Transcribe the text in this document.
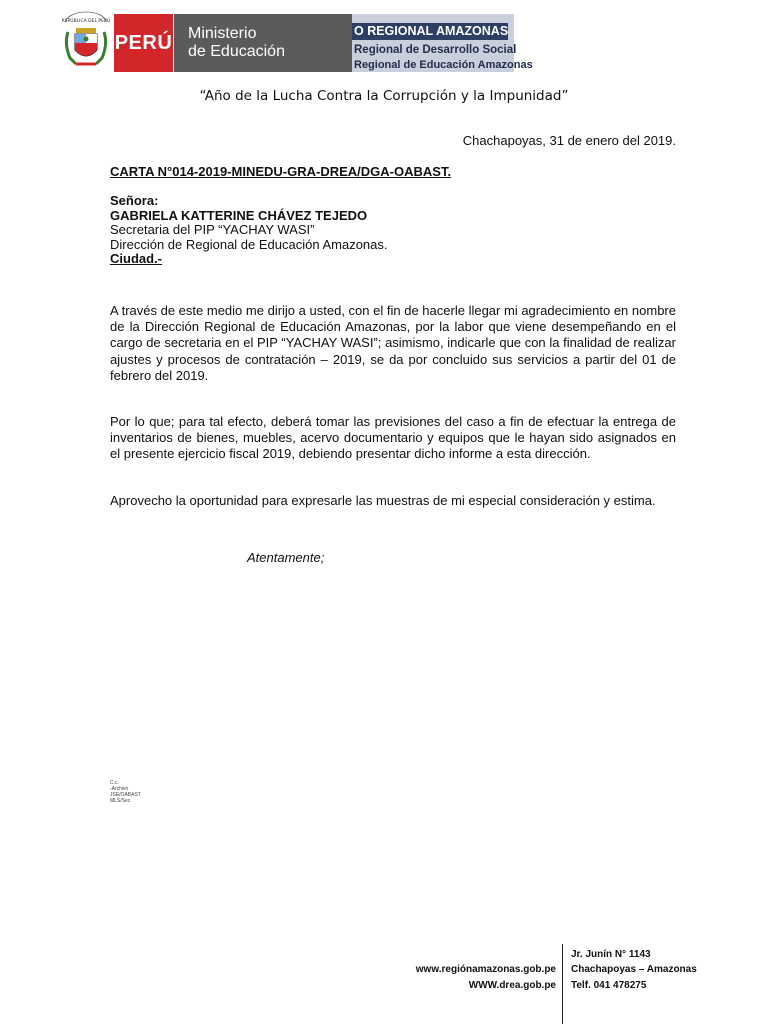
REPÚBLICA DEL PERÚ
PERÚ Ministerio
de Educación
O REGIONAL AMAZONAS
Regional de Desarrollo Social
Regional de Educación Amazonas
“Año de la Lucha Contra la Corrupción y la Impunidad”
Chachapoyas, 31 de enero del 2019.
CARTA N°014-2019-MINEDU-GRA-DREA/DGA-OABAST.
Señora:
GABRIELA KATTERINE CHÁVEZ TEJEDO
Secretaria del PIP “YACHAY WASI”
Dirección de Regional de Educación Amazonas.
Ciudad.-
A través de este medio me dirijo a usted, con el fin de hacerle llegar mi agradecimiento en nombre de la Dirección Regional de Educación Amazonas, por la labor que viene desempeñando en el cargo de secretaria en el PIP “YACHAY WASI”; asimismo, indicarle que con la finalidad de realizar ajustes y procesos de contratación – 2019, se da por concluido sus servicios a partir del 01 de febrero del 2019.
Por lo que; para tal efecto, deberá tomar las previsiones del caso a fin de efectuar la entrega de inventarios de bienes, muebles, acervo documentario y equipos que le hayan sido asignados en el presente ejercicio fiscal 2019, debiendo presentar dicho informe a esta dirección.
Aprovecho la oportunidad para expresarle las muestras de mi especial consideración y estima.
Atentamente;
C.c.
-Archivo
JSE/OABAST
MLS/Sec
www.regiónamazonas.gob.pe
WWW.drea.gob.pe
Jr. Junín N° 1143
Chachapoyas – Amazonas
Telf. 041 478275
